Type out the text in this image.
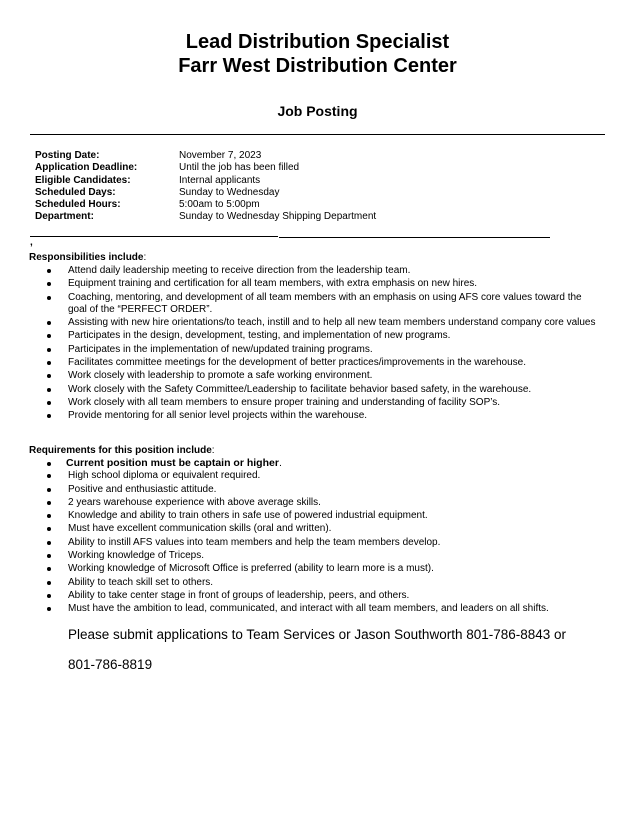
Lead Distribution Specialist
Farr West Distribution Center
Job Posting
Posting Date:	November 7, 2023
Application Deadline:	Until the job has been filled
Eligible Candidates:	Internal applicants
Scheduled Days:	Sunday to Wednesday
Scheduled Hours:	5:00am to 5:00pm
Department:	Sunday to Wednesday Shipping Department
,
Responsibilities include:
Attend daily leadership meeting to receive direction from the leadership team.
Equipment training and certification for all team members, with extra emphasis on new hires.
Coaching, mentoring, and development of all team members with an emphasis on using AFS core values toward the goal of the “PERFECT ORDER”.
Assisting with new hire orientations/to teach, instill and to help all new team members understand company core values
Participates in the design, development, testing, and implementation of new programs.
Participates in the implementation of new/updated training programs.
Facilitates committee meetings for the development of better practices/improvements in the warehouse.
Work closely with leadership to promote a safe working environment.
Work closely with the Safety Committee/Leadership to facilitate behavior based safety, in the warehouse.
Work closely with all team members to ensure proper training and understanding of facility SOP’s.
Provide mentoring for all senior level projects within the warehouse.
Requirements for this position include:
Current position must be captain or higher.
High school diploma or equivalent required.
Positive and enthusiastic attitude.
2 years warehouse experience with above average skills.
Knowledge and ability to train others in safe use of powered industrial equipment.
Must have excellent communication skills (oral and written).
Ability to instill AFS values into team members and help the team members develop.
Working knowledge of Triceps.
Working knowledge of Microsoft Office is preferred (ability to learn more is a must).
Ability to teach skill set to others.
Ability to take center stage in front of groups of leadership, peers, and others.
Must have the ambition to lead, communicated, and interact with all team members, and leaders on all shifts.
Please submit applications to Team Services or Jason Southworth 801-786-8843 or
801-786-8819
